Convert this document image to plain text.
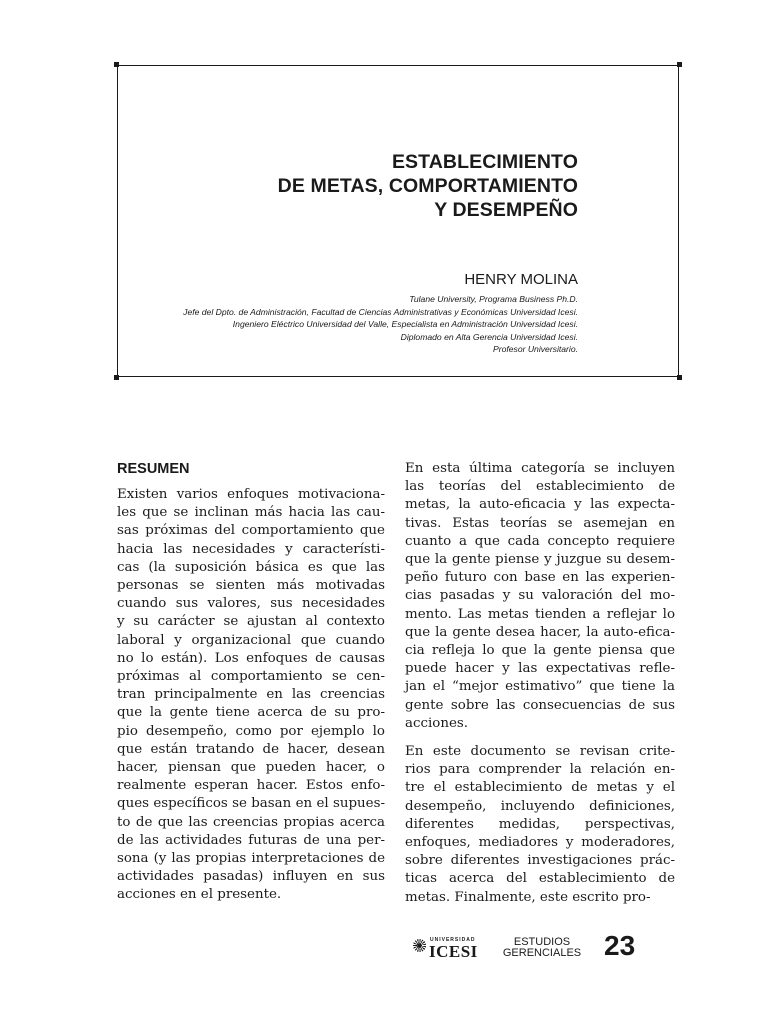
ESTABLECIMIENTO
DE METAS, COMPORTAMIENTO
Y DESEMPEÑO
HENRY MOLINA
Tulane University, Programa Business Ph.D.
Jefe del Dpto. de Administración, Facultad de Ciencias Administrativas y Económicas Universidad Icesi.
Ingeniero Eléctrico Universidad del Valle, Especialista en Administración Universidad Icesi.
Diplomado en Alta Gerencia Universidad Icesi.
Profesor Universitario.
RESUMEN
Existen varios enfoques motivaciona-
les que se inclinan más hacia las cau-
sas próximas del comportamiento que
hacia las necesidades y característi-
cas (la suposición básica es que las
personas se sienten más motivadas
cuando sus valores, sus necesidades
y su carácter se ajustan al contexto
laboral y organizacional que cuando
no lo están). Los enfoques de causas
próximas al comportamiento se cen-
tran principalmente en las creencias
que la gente tiene acerca de su pro-
pio desempeño, como por ejemplo lo
que están tratando de hacer, desean
hacer, piensan que pueden hacer, o
realmente esperan hacer. Estos enfo-
ques específicos se basan en el supues-
to de que las creencias propias acerca
de las actividades futuras de una per-
sona (y las propias interpretaciones de
actividades pasadas) influyen en sus
acciones en el presente.
En esta última categoría se incluyen
las teorías del establecimiento de
metas, la auto-eficacia y las expecta-
tivas. Estas teorías se asemejan en
cuanto a que cada concepto requiere
que la gente piense y juzgue su desem-
peño futuro con base en las experien-
cias pasadas y su valoración del mo-
mento. Las metas tienden a reflejar lo
que la gente desea hacer, la auto-efica-
cia refleja lo que la gente piensa que
puede hacer y las expectativas refle-
jan el “mejor estimativo” que tiene la
gente sobre las consecuencias de sus
acciones.
En este documento se revisan crite-
rios para comprender la relación en-
tre el establecimiento de metas y el
desempeño, incluyendo definiciones,
diferentes medidas, perspectivas,
enfoques, mediadores y moderadores,
sobre diferentes investigaciones prác-
ticas acerca del establecimiento de
metas. Finalmente, este escrito pro-
UNIVERSIDAD
ICESI	ESTUDIOS
GERENCIALES 23
